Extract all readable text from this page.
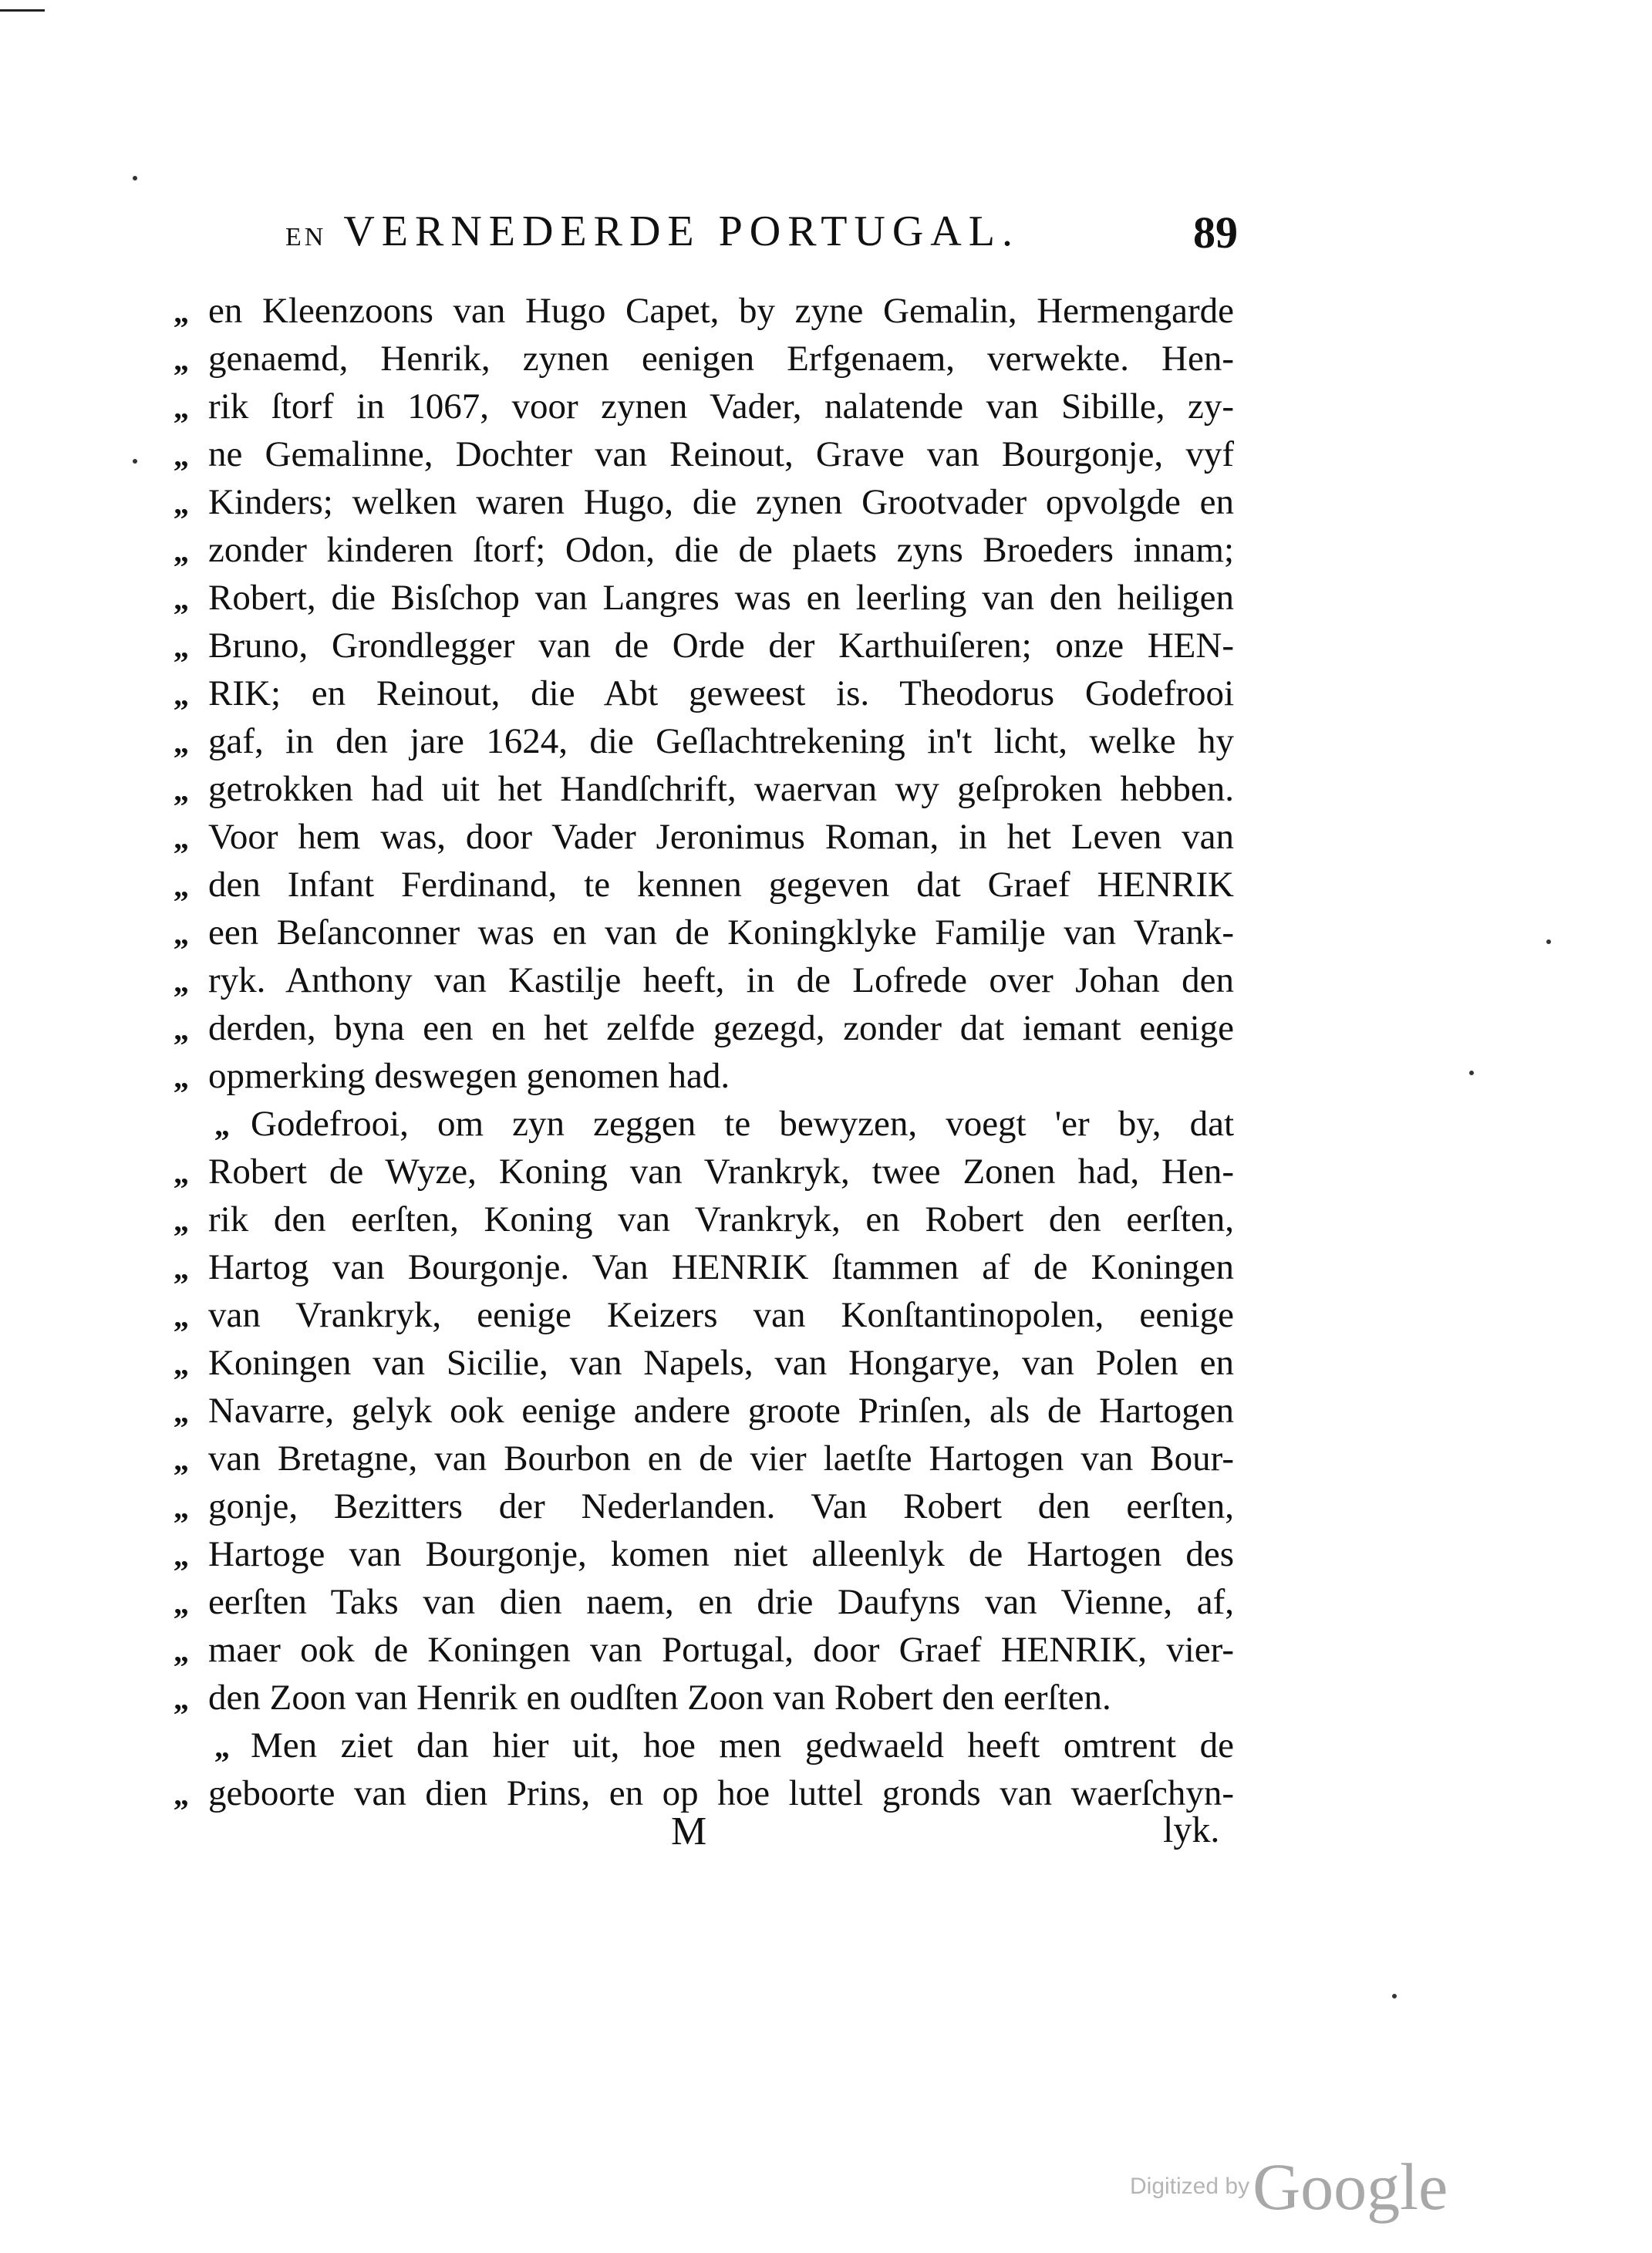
EN VERNEDERDE PORTUGAL.	89
„ en Kleenzoons van Hugo Capet, by zyne Gemalin, Hermengarde
„ genaemd, Henrik, zynen eenigen Erfgenaem, verwekte. Hen-
„ rik ſtorf in 1067, voor zynen Vader, nalatende van Sibille, zy-
„ ne Gemalinne, Dochter van Reinout, Grave van Bourgonje, vyf
„ Kinders; welken waren Hugo, die zynen Grootvader opvolgde en
„ zonder kinderen ſtorf; Odon, die de plaets zyns Broeders innam;
„ Robert, die Bisſchop van Langres was en leerling van den heiligen
„ Bruno, Grondlegger van de Orde der Karthuiſeren; onze HEN-
„ RIK; en Reinout, die Abt geweest is. Theodorus Godefrooi
„ gaf, in den jare 1624, die Geſlachtrekening in't licht, welke hy
„ getrokken had uit het Handſchrift, waervan wy geſproken hebben.
„ Voor hem was, door Vader Jeronimus Roman, in het Leven van
„ den Infant Ferdinand, te kennen gegeven dat Graef HENRIK
„ een Beſanconner was en van de Koningklyke Familje van Vrank-
„ ryk. Anthony van Kastilje heeft, in de Lofrede over Johan den
„ derden, byna een en het zelfde gezegd, zonder dat iemant eenige
„ opmerking deswegen genomen had.
„ Godefrooi, om zyn zeggen te bewyzen, voegt 'er by, dat
„ Robert de Wyze, Koning van Vrankryk, twee Zonen had, Hen-
„ rik den eerſten, Koning van Vrankryk, en Robert den eerſten,
„ Hartog van Bourgonje. Van HENRIK ſtammen af de Koningen
„ van Vrankryk, eenige Keizers van Konſtantinopolen, eenige
„ Koningen van Sicilie, van Napels, van Hongarye, van Polen en
„ Navarre, gelyk ook eenige andere groote Prinſen, als de Hartogen
„ van Bretagne, van Bourbon en de vier laetſte Hartogen van Bour-
„ gonje, Bezitters der Nederlanden. Van Robert den eerſten,
„ Hartoge van Bourgonje, komen niet alleenlyk de Hartogen des
„ eerſten Taks van dien naem, en drie Daufyns van Vienne, af,
„ maer ook de Koningen van Portugal, door Graef HENRIK, vier-
„ den Zoon van Henrik en oudſten Zoon van Robert den eerſten.
„ Men ziet dan hier uit, hoe men gedwaeld heeft omtrent de
„ geboorte van dien Prins, en op hoe luttel gronds van waerſchyn-
M	lyk.
Digitized by Google
